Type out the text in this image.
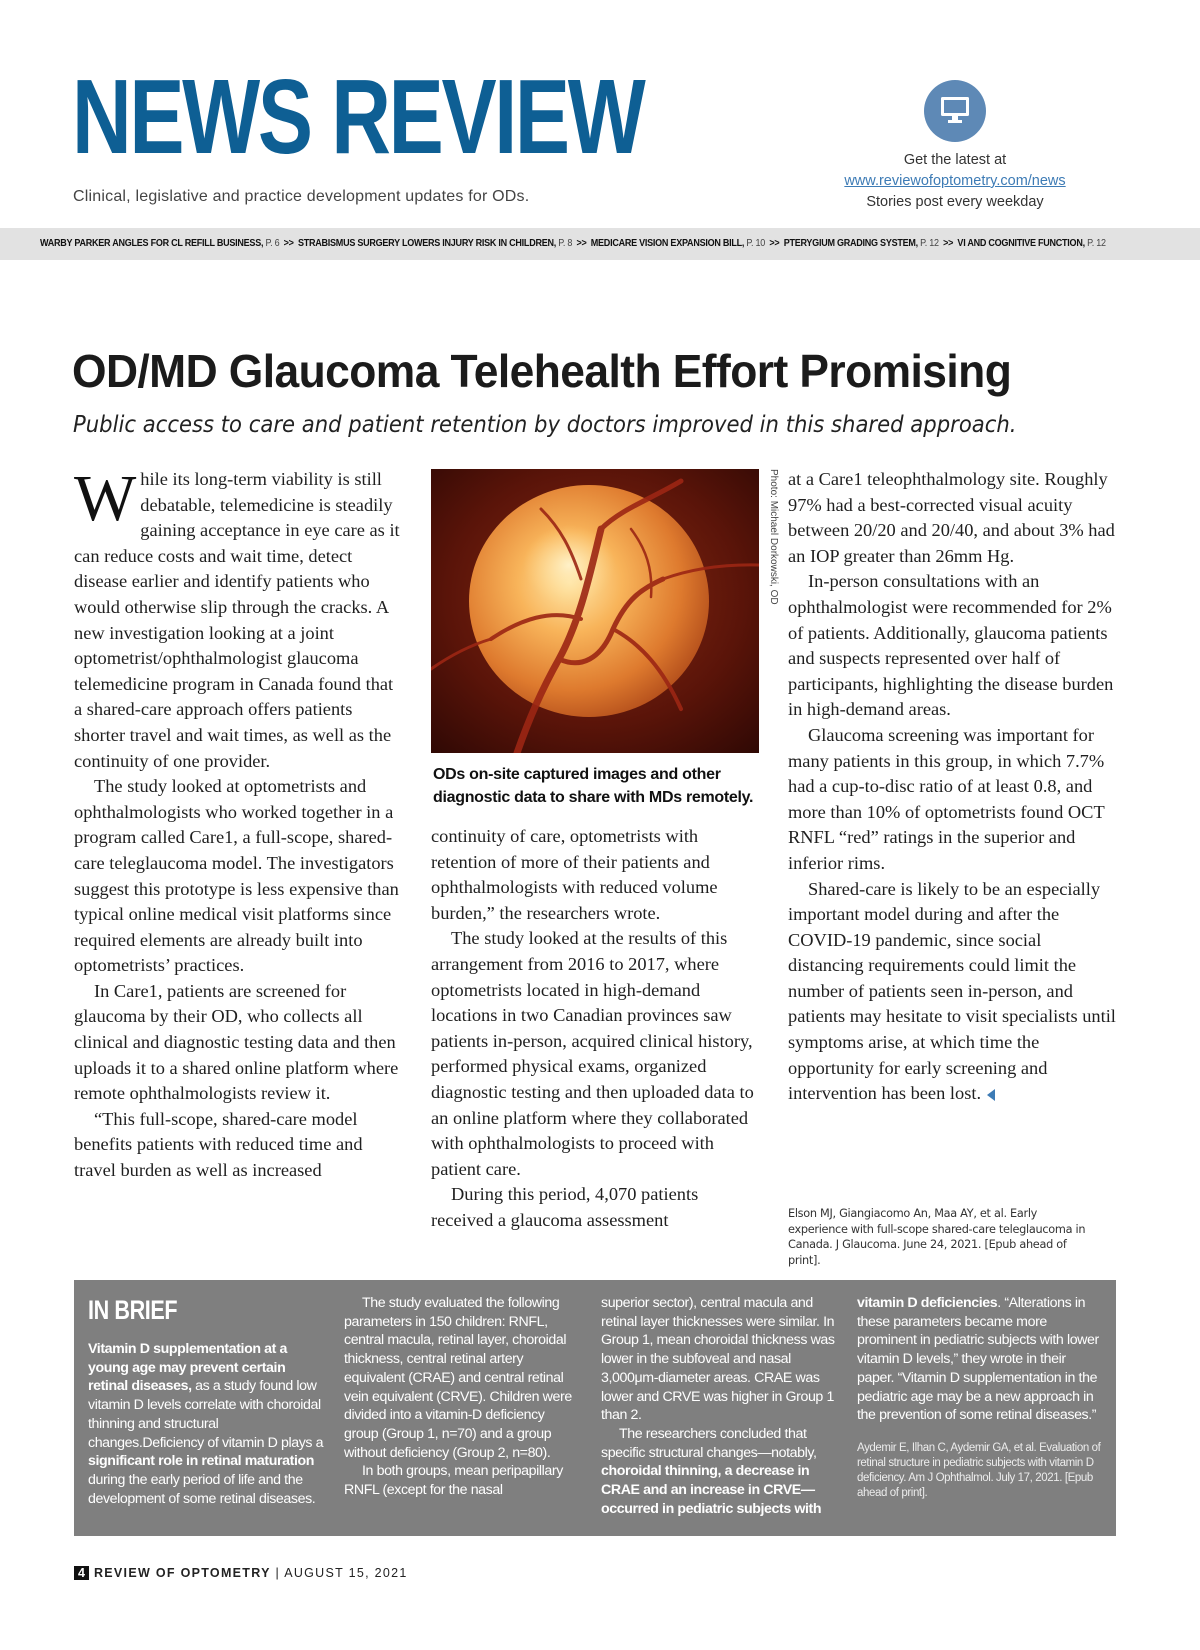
NEWS REVIEW
Clinical, legislative and practice development updates for ODs.
Get the latest at
www.reviewofoptometry.com/news
Stories post every weekday
WARBY PARKER ANGLES FOR CL REFILL BUSINESS, P. 6 >> STRABISMUS SURGERY LOWERS INJURY RISK IN CHILDREN, P. 8 >> MEDICARE VISION EXPANSION BILL, P. 10 >> PTERYGIUM GRADING SYSTEM, P. 12 >> VI AND COGNITIVE FUNCTION, P. 12
OD/MD Glaucoma Telehealth Effort Promising
Public access to care and patient retention by doctors improved in this shared approach.

While its long-term viability is still debatable, telemedicine is steadily gaining acceptance in eye care as it can reduce costs and wait time, detect disease earlier and identify patients who would otherwise slip through the cracks. A new investigation looking at a joint optometrist/ophthalmologist glaucoma telemedicine program in Canada found that a shared-care approach offers patients shorter travel and wait times, as well as the continuity of one provider.

The study looked at optometrists and ophthalmologists who worked together in a program called Care1, a full-scope, shared-care teleglaucoma model. The investigators suggest this prototype is less expensive than typical online medical visit platforms since required elements are already built into optometrists’ practices.

In Care1, patients are screened for glaucoma by their OD, who collects all clinical and diagnostic testing data and then uploads it to a shared online platform where remote ophthalmologists review it.

“This full-scope, shared-care model benefits patients with reduced time and travel burden as well as increased

Photo: Michael Dorkowski, OD
ODs on-site captured images and other diagnostic data to share with MDs remotely.

continuity of care, optometrists with retention of more of their patients and ophthalmologists with reduced volume burden,” the researchers wrote.

The study looked at the results of this arrangement from 2016 to 2017, where optometrists located in high-demand locations in two Canadian provinces saw patients in-person, acquired clinical history, performed physical exams, organized diagnostic testing and then uploaded data to an online platform where they collaborated with ophthalmologists to proceed with patient care.

During this period, 4,070 patients received a glaucoma assessment

at a Care1 teleophthalmology site. Roughly 97% had a best-corrected visual acuity between 20/20 and 20/40, and about 3% had an IOP greater than 26mm Hg.

In-person consultations with an ophthalmologist were recommended for 2% of patients. Additionally, glaucoma patients and suspects represented over half of participants, highlighting the disease burden in high-demand areas.

Glaucoma screening was important for many patients in this group, in which 7.7% had a cup-to-disc ratio of at least 0.8, and more than 10% of optometrists found OCT RNFL “red” ratings in the superior and inferior rims.

Shared-care is likely to be an especially important model during and after the COVID-19 pandemic, since social distancing requirements could limit the number of patients seen in-person, and patients may hesitate to visit specialists until symptoms arise, at which time the opportunity for early screening and intervention has been lost.

Elson MJ, Giangiacomo An, Maa AY, et al. Early experience with full-scope shared-care teleglaucoma in Canada. J Glaucoma. June 24, 2021. [Epub ahead of print].
IN BRIEF

Vitamin D supplementation at a young age may prevent certain retinal diseases, as a study found low vitamin D levels correlate with choroidal thinning and structural changes.Deficiency of vitamin D plays a significant role in retinal maturation during the early period of life and the development of some retinal diseases.

The study evaluated the following parameters in 150 children: RNFL, central macula, retinal layer, choroidal thickness, central retinal artery equivalent (CRAE) and central retinal vein equivalent (CRVE). Children were divided into a vitamin-D deficiency group (Group 1, n=70) and a group without deficiency (Group 2, n=80).

In both groups, mean peripapillary RNFL (except for the nasal

superior sector), central macula and retinal layer thicknesses were similar. In Group 1, mean choroidal thickness was lower in the subfoveal and nasal 3,000μm-diameter areas. CRAE was lower and CRVE was higher in Group 1 than 2.

The researchers concluded that specific structural changes—notably, choroidal thinning, a decrease in CRAE and an increase in CRVE—occurred in pediatric subjects with

vitamin D deficiencies. “Alterations in these parameters became more prominent in pediatric subjects with lower vitamin D levels,” they wrote in their paper. “Vitamin D supplementation in the pediatric age may be a new approach in the prevention of some retinal diseases.”

Aydemir E, Ilhan C, Aydemir GA, et al. Evaluation of retinal structure in pediatric subjects with vitamin D deficiency. Am J Ophthalmol. July 17, 2021. [Epub ahead of print].
4 REVIEW OF OPTOMETRY | AUGUST 15, 2021
